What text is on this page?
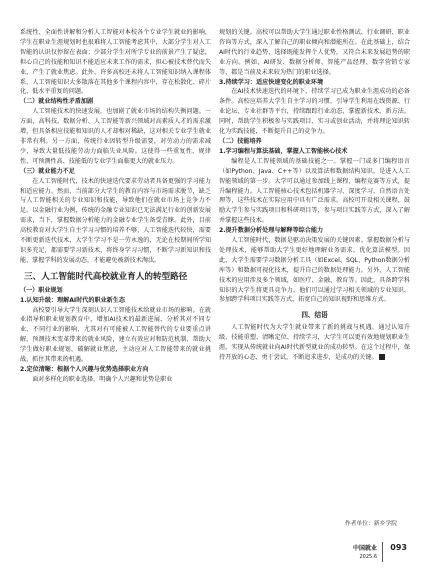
系统性、全面性讲解和分析人工智能对本校各个专业学生就业的影响，学生在职业生涯规划时也很难将人工智能考虑其中，大部分学生对人工智能的认识仅停留在表面；少部分学生对所学专业的前景产生了疑虑，担心自己的技能和知识不能适应未来工作的需求，担心被技术替代而失业，产生了就业焦虑。此外，许多高校还未将人工智能知识纳入课程体系，人工智能知识大多散落在其他多个课程内容中，存在松散化、碎片化、低水平重复的问题。

（二）就业结构性矛盾加剧

人工智能技术的快速发展，也加剧了就业市场的结构失衡问题。一方面，高科技、数据分析、人工智能等新兴领域对高素质人才的需求激增，但具备相应技能和知识的人才却相对稀缺，这对相关专业学生就业非常有利。另一方面，传统行业因转型升级需要，对劳动力的需求减少，导致大量低技能劳动力面临失业风险。这使得一些重复性、规律性、可预测性高、技能低的专业学生面临更大的就业压力。

（三）就业能力不足

在人工智能时代，技术的快速迭代要求劳动者具备更强的学习能力和适应能力。然而，当前部分大学生的教育内容与市场需求脱节，缺乏与人工智能相关的专业知识和技能，导致他们在就业市场上竞争力不足。以金融行业为例，传统的金融专业知识已无法满足行业的创新发展需求，当下，掌握数据分析能力的金融专业学生备受青睐。此外，目前高校教育对大学生自主学习习惯的培养不够，人工智能迭代较快，需要不断更新迭代技术，大学生学习不是一劳永逸的，无论在校期间所学知识多充足，都需要学习新技术，将终身学习习惯，不断学习新知识和技能，掌握学科的发展动态，才能避免被新技术淘汰。

三、人工智能时代高校就业育人的转型路径
（一）职业规划
1.认知升级：理解AI时代的职业新生态

高校要引导大学生深刻认识人工智能技术给就业市场的影响。在就业指导和职业规划教育中，增加AI技术的最新进展、分析其对不同专业、不同行业的影响，尤其对有可能被人工智能替代的专业要重点讲解，预测技术变革带来的就业风险，建立有效应对和防范机制，帮助大学生做好职业规划，破解就业焦虑，主动应对人工智能带来的就业挑战，抓住其带来的机遇。

2.定位清晰：根据个人兴趣与优势选择职业方向

面对多样化的职业选择，明确个人兴趣和优势是职业

规划的关键。高校可以帮助大学生通过职业性格测试、行业调研、职业咨询等方式，深入了解自己的职业倾向和潜能所在。在此基础上，结合AI时代的行业趋势，选择既能发挥个人优势，又符合未来发展趋势的职业方向。例如，AI研发、数据分析师、智能产品经理、数字营销专家等，都是当前及未来较为热门的职业选择。

3.持续学习：适应快速变化的职业环境

在AI技术快速迭代的环境下，持续学习已成为职业生涯成功的必备条件。高校应培养大学生自主学习的习惯，引导学生利用在线资源、行业论坛、专业社群等平台，持续跟踪行业动态、掌握新技术、新方法。同时，帮助学生积极参与实践项目、实习或创业活动，并将理论知识转化为实践技能，不断提升自己的竞争力。

（二）技能培养
1.学习编程与算法基础，掌握人工智能核心技术

编程是人工智能领域的基础技能之一。掌握一门或多门编程语言（如Python、Java、C++等）以及算法和数据结构知识，是进入人工智能领域的第一步。大学可以通过参加线上课程、编程竞赛等方式，提升编程能力。人工智能核心技术包括机器学习、深度学习、自然语言处理等，这些技术在实际应用中具有广泛需求。高校可开设相关课程，鼓励大学生参与实践项目和科研项目等，参与项目实践等方式，深入了解并掌握这些技术。

2.提升数据分析处理与解释等综合能力

人工智能时代，数据是驱动决策发展的关键因素。掌握数据分析与处理技术，能够帮助大学生更好地理解业务需求、优化算法模型。因此，大学生需要学习数据分析工具（如Excel、SQL、Python数据分析库等）和数据可视化技术，提升自己的数据处理能力。另外，人工智能技术的应用涉及多个领域，如医疗、金融、教育等。因此，具备跨学科知识的大学生将更具竞争力。他们可以通过学习相关领域的专业知识、参加跨学科项目实践等方式，拓宽自己的知识视野和思维方式。

四、结语

人工智能时代为大学生就业带来了新的挑战与机遇。通过认知升级、技能重塑、清晰定位、持续学习，大学生可以更有效地规划职业生涯。实现从传统就业向AI时代新型就业的成功转型。在这个过程中，保持开放的心态、勇于尝试，不断追求进步，是成功的关键。

作者单位：新乡学院
中国就业
2025.6
093
